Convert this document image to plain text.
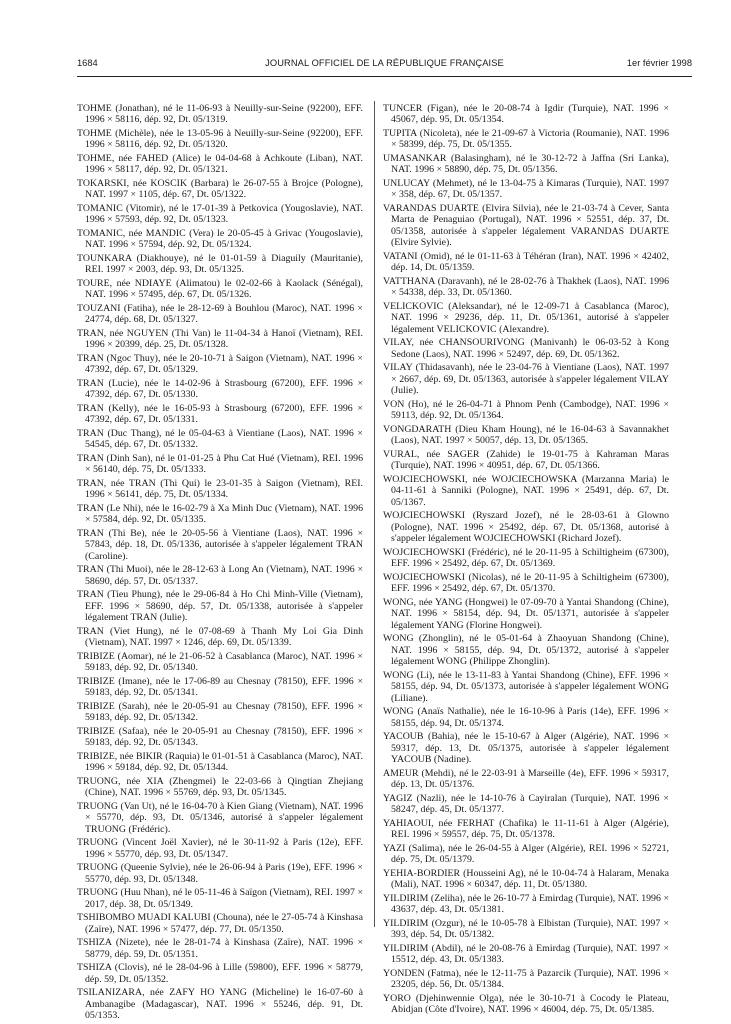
1684	JOURNAL OFFICIEL DE LA RÉPUBLIQUE FRANÇAISE	1er février 1998

TOHME (Jonathan), né le 11-06-93 à Neuilly-sur-Seine (92200), EFF. 1996 × 58116, dép. 92, Dt. 05/1319.

TOHME (Michèle), née le 13-05-96 à Neuilly-sur-Seine (92200), EFF. 1996 × 58116, dép. 92, Dt. 05/1320.

TOHME, née FAHED (Alice) le 04-04-68 à Achkoute (Liban), NAT. 1996 × 58117, dép. 92, Dt. 05/1321.

TOKARSKI, née KOSCIK (Barbara) le 26-07-55 à Brojce (Pologne), NAT. 1997 × 1105, dép. 67, Dt. 05/1322.

TOMANIC (Vitomir), né le 17-01-39 à Petkovica (Yougoslavie), NAT. 1996 × 57593, dép. 92, Dt. 05/1323.

TOMANIC, née MANDIC (Vera) le 20-05-45 à Grivac (Yougoslavie), NAT. 1996 × 57594, dép. 92, Dt. 05/1324.

TOUNKARA (Diakhouye), né le 01-01-59 à Diaguily (Mauritanie), REI. 1997 × 2003, dép. 93, Dt. 05/1325.

TOURE, née NDIAYE (Alimatou) le 02-02-66 à Kaolack (Sénégal), NAT. 1996 × 57495, dép. 67, Dt. 05/1326.

TOUZANI (Fatiha), née le 28-12-69 à Bouhlou (Maroc), NAT. 1996 × 24774, dép. 68, Dt. 05/1327.

TRAN, née NGUYEN (Thi Van) le 11-04-34 à Hanoï (Vietnam), REI. 1996 × 20399, dép. 25, Dt. 05/1328.

TRAN (Ngoc Thuy), née le 20-10-71 à Saigon (Vietnam), NAT. 1996 × 47392, dép. 67, Dt. 05/1329.

TRAN (Lucie), née le 14-02-96 à Strasbourg (67200), EFF. 1996 × 47392, dép. 67, Dt. 05/1330.

TRAN (Kelly), née le 16-05-93 à Strasbourg (67200), EFF. 1996 × 47392, dép. 67, Dt. 05/1331.

TRAN (Duc Thang), né le 05-04-63 à Vientiane (Laos), NAT. 1996 × 54545, dép. 67, Dt. 05/1332.

TRAN (Dinh San), né le 01-01-25 à Phu Cat Hué (Vietnam), REI. 1996 × 56140, dép. 75, Dt. 05/1333.

TRAN, née TRAN (Thi Qui) le 23-01-35 à Saigon (Vietnam), REI. 1996 × 56141, dép. 75, Dt. 05/1334.

TRAN (Le Nhi), née le 16-02-79 à Xa Minh Duc (Vietnam), NAT. 1996 × 57584, dép. 92, Dt. 05/1335.

TRAN (Thi Be), née le 20-05-56 à Vientiane (Laos), NAT. 1996 × 57843, dép. 18, Dt. 05/1336, autorisée à s'appeler légalement TRAN (Caroline).

TRAN (Thi Muoi), née le 28-12-63 à Long An (Vietnam), NAT. 1996 × 58690, dép. 57, Dt. 05/1337.

TRAN (Tieu Phung), née le 29-06-84 à Ho Chi Minh-Ville (Vietnam), EFF. 1996 × 58690, dép. 57, Dt. 05/1338, autorisée à s'appeler légalement TRAN (Julie).

TRAN (Viet Hung), né le 07-08-69 à Thanh My Loi Gia Dinh (Vietnam), NAT. 1997 × 1246, dép. 69, Dt. 05/1339.

TRIBIZE (Aomar), né le 21-06-52 à Casablanca (Maroc), NAT. 1996 × 59183, dép. 92, Dt. 05/1340.

TRIBIZE (Imane), née le 17-06-89 au Chesnay (78150), EFF. 1996 × 59183, dép. 92, Dt. 05/1341.

TRIBIZE (Sarah), née le 20-05-91 au Chesnay (78150), EFF. 1996 × 59183, dép. 92, Dt. 05/1342.

TRIBIZE (Safaa), née le 20-05-91 au Chesnay (78150), EFF. 1996 × 59183, dép. 92, Dt. 05/1343.

TRIBIZE, née BIKIR (Raquia) le 01-01-51 à Casablanca (Maroc), NAT. 1996 × 59184, dép. 92, Dt. 05/1344.

TRUONG, née XIA (Zhengmei) le 22-03-66 à Qingtian Zhejiang (Chine), NAT. 1996 × 55769, dép. 93, Dt. 05/1345.

TRUONG (Van Ut), né le 16-04-70 à Kien Giang (Vietnam), NAT. 1996 × 55770, dép. 93, Dt. 05/1346, autorisé à s'appeler légalement TRUONG (Frédéric).

TRUONG (Vincent Joël Xavier), né le 30-11-92 à Paris (12e), EFF. 1996 × 55770, dép. 93, Dt. 05/1347.

TRUONG (Queenie Sylvie), née le 26-06-94 à Paris (19e), EFF. 1996 × 55770, dép. 93, Dt. 05/1348.

TRUONG (Huu Nhan), né le 05-11-46 à Saïgon (Vietnam), REI. 1997 × 2017, dép. 38, Dt. 05/1349.

TSHIBOMBO MUADI KALUBI (Chouna), née le 27-05-74 à Kinshasa (Zaïre), NAT. 1996 × 57477, dép. 77, Dt. 05/1350.

TSHIZA (Nizete), née le 28-01-74 à Kinshasa (Zaïre), NAT. 1996 × 58779, dép. 59, Dt. 05/1351.

TSHIZA (Clovis), né le 28-04-96 à Lille (59800), EFF. 1996 × 58779, dép. 59, Dt. 05/1352.

TSILANIZARA, née ZAFY HO YANG (Micheline) le 16-07-60 à Ambanagibe (Madagascar), NAT. 1996 × 55246, dép. 91, Dt. 05/1353.

TUNCER (Figan), née le 20-08-74 à Igdir (Turquie), NAT. 1996 × 45067, dép. 95, Dt. 05/1354.

TUPITA (Nicoleta), née le 21-09-67 à Victoria (Roumanie), NAT. 1996 × 58399, dép. 75, Dt. 05/1355.

UMASANKAR (Balasingham), né le 30-12-72 à Jaffna (Sri Lanka), NAT. 1996 × 58890, dép. 75, Dt. 05/1356.

UNLUCAY (Mehmet), né le 13-04-75 à Kimaras (Turquie), NAT. 1997 × 358, dép. 67, Dt. 05/1357.

VARANDAS DUARTE (Elvira Silvia), née le 21-03-74 à Cever, Santa Marta de Penaguiao (Portugal), NAT. 1996 × 52551, dép. 37, Dt. 05/1358, autorisée à s'appeler légalement VARANDAS DUARTE (Elvire Sylvie).

VATANI (Omid), né le 01-11-63 à Téhéran (Iran), NAT. 1996 × 42402, dép. 14, Dt. 05/1359.

VATTHANA (Daravanh), né le 28-02-76 à Thakhek (Laos), NAT. 1996 × 54338, dép. 33, Dt. 05/1360.

VELICKOVIC (Aleksandar), né le 12-09-71 à Casablanca (Maroc), NAT. 1996 × 29236, dép. 11, Dt. 05/1361, autorisé à s'appeler légalement VELICKOVIC (Alexandre).

VILAY, née CHANSOURIVONG (Manivanh) le 06-03-52 à Kong Sedone (Laos), NAT. 1996 × 52497, dép. 69, Dt. 05/1362.

VILAY (Thidasavanh), née le 23-04-76 à Vientiane (Laos), NAT. 1997 × 2667, dép. 69, Dt. 05/1363, autorisée à s'appeler légalement VILAY (Julie).

VON (Ho), né le 26-04-71 à Phnom Penh (Cambodge), NAT. 1996 × 59113, dép. 92, Dt. 05/1364.

VONGDARATH (Dieu Kham Houng), né le 16-04-63 à Savannakhet (Laos), NAT. 1997 × 50057, dép. 13, Dt. 05/1365.

VURAL, née SAGER (Zahide) le 19-01-75 à Kahraman Maras (Turquie), NAT. 1996 × 40951, dép. 67, Dt. 05/1366.

WOJCIECHOWSKI, née WOJCIECHOWSKA (Marzanna Maria) le 04-11-61 à Sanniki (Pologne), NAT. 1996 × 25491, dép. 67, Dt. 05/1367.

WOJCIECHOWSKI (Ryszard Jozef), né le 28-03-61 à Glowno (Pologne), NAT. 1996 × 25492, dép. 67, Dt. 05/1368, autorisé à s'appeler légalement WOJCIECHOWSKI (Richard Jozef).

WOJCIECHOWSKI (Frédéric), né le 20-11-95 à Schiltigheim (67300), EFF. 1996 × 25492, dép. 67, Dt. 05/1369.

WOJCIECHOWSKI (Nicolas), né le 20-11-95 à Schiltigheim (67300), EFF. 1996 × 25492, dép. 67, Dt. 05/1370.

WONG, née YANG (Hongwei) le 07-09-70 à Yantai Shandong (Chine), NAT. 1996 × 58154, dép. 94, Dt. 05/1371, autorisée à s'appeler légalement YANG (Florine Hongwei).

WONG (Zhonglin), né le 05-01-64 à Zhaoyuan Shandong (Chine), NAT. 1996 × 58155, dép. 94, Dt. 05/1372, autorisé à s'appeler légalement WONG (Philippe Zhonglin).

WONG (Li), née le 13-11-83 à Yantai Shandong (Chine), EFF. 1996 × 58155, dép. 94, Dt. 05/1373, autorisée à s'appeler légalement WONG (Liliane).

WONG (Anaïs Nathalie), née le 16-10-96 à Paris (14e), EFF. 1996 × 58155, dép. 94, Dt. 05/1374.

YACOUB (Bahia), née le 15-10-67 à Alger (Algérie), NAT. 1996 × 59317, dép. 13, Dt. 05/1375, autorisée à s'appeler légalement YACOUB (Nadine).

AMEUR (Mehdi), né le 22-03-91 à Marseille (4e), EFF. 1996 × 59317, dép. 13, Dt. 05/1376.

YAGIZ (Nazli), née le 14-10-76 à Cayiralan (Turquie), NAT. 1996 × 58247, dép. 45, Dt. 05/1377.

YAHIAOUI, née FERHAT (Chafika) le 11-11-61 à Alger (Algérie), REI. 1996 × 59557, dép. 75, Dt. 05/1378.

YAZI (Salima), née le 26-04-55 à Alger (Algérie), REI. 1996 × 52721, dép. 75, Dt. 05/1379.

YEHIA-BORDIER (Housseini Ag), né le 10-04-74 à Halaram, Menaka (Mali), NAT. 1996 × 60347, dép. 11, Dt. 05/1380.

YILDIRIM (Zeliha), née le 26-10-77 à Emirdag (Turquie), NAT. 1996 × 43637, dép. 43, Dt. 05/1381.

YILDIRIM (Ozgur), né le 10-05-78 à Elbistan (Turquie), NAT. 1997 × 393, dép. 54, Dt. 05/1382.

YILDIRIM (Abdil), né le 20-08-76 à Emirdag (Turquie), NAT. 1997 × 15512, dép. 43, Dt. 05/1383.

YONDEN (Fatma), née le 12-11-75 à Pazarcik (Turquie), NAT. 1996 × 23205, dép. 56, Dt. 05/1384.

YORO (Djehinwennie Olga), née le 30-10-71 à Cocody le Plateau, Abidjan (Côte d'Ivoire), NAT. 1996 × 46004, dép. 75, Dt. 05/1385.
